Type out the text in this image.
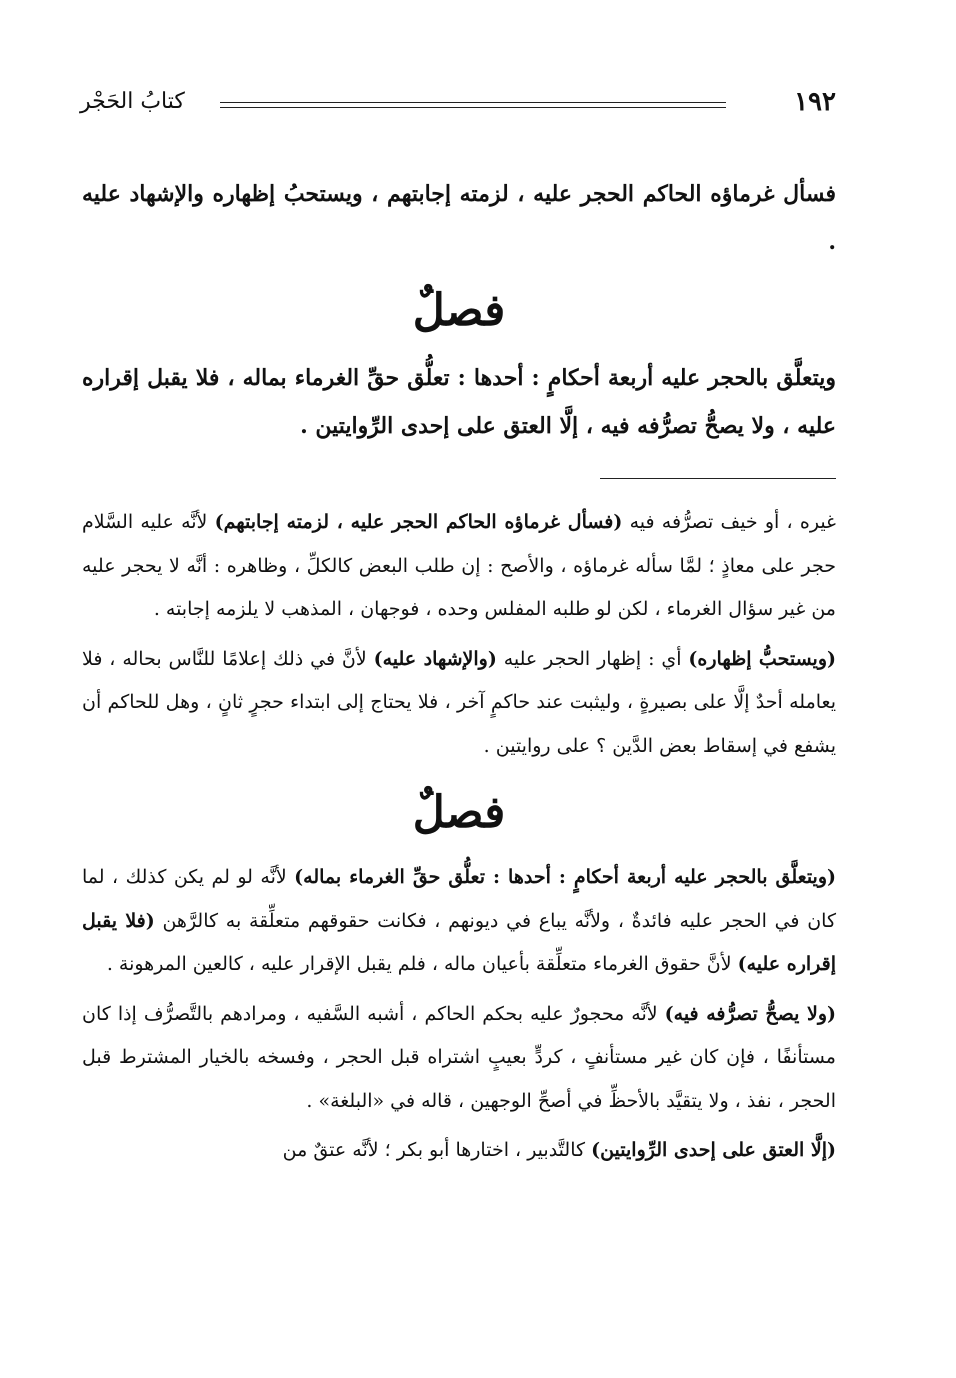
١٩٢
كتابُ الحَجْر

فسأل غرماؤه الحاكم الحجر عليه ، لزمته إجابتهم ، ويستحبُ إظهاره والإشهاد عليه .

فصلٌ

ويتعلَّق بالحجر عليه أربعة أحكامٍ : أحدها : تعلُّق حقِّ الغرماء بماله ، فلا يقبل إقراره عليه ، ولا يصحُّ تصرُّفه فيه ، إلَّا العتق على إحدى الرِّوايتين .

غيره ، أو خيف تصرُّفه فيه (فسأل غرماؤه الحاكم الحجر عليه ، لزمته إجابتهم) لأنَّه عليه السَّلام حجر على معاذٍ ؛ لمَّا سأله غرماؤه ، والأصح : إن طلب البعض كالكلِّ ، وظاهره : أنَّه لا يحجر عليه من غير سؤال الغرماء ، لكن لو طلبه المفلس وحده ، فوجهان ، المذهب لا يلزمه إجابته .

(ويستحبُّ إظهاره) أي : إظهار الحجر عليه (والإشهاد عليه) لأنَّ في ذلك إعلامًا للنَّاس بحاله ، فلا يعامله أحدٌ إلَّا على بصيرةٍ ، وليثبت عند حاكمٍ آخر ، فلا يحتاج إلى ابتداء حجرٍ ثانٍ ، وهل للحاكم أن يشفع في إسقاط بعض الدَّين ؟ على روايتين .

فصلٌ

(ويتعلَّق بالحجر عليه أربعة أحكامٍ : أحدها : تعلُّق حقِّ الغرماء بماله) لأنَّه لو لم يكن كذلك ، لما كان في الحجر عليه فائدةٌ ، ولأنَّه يباع في ديونهم ، فكانت حقوقهم متعلِّقة به كالرَّهن (فلا يقبل إقراره عليه) لأنَّ حقوق الغرماء متعلِّقة بأعيان ماله ، فلم يقبل الإقرار عليه ، كالعين المرهونة .

(ولا يصحُّ تصرُّفه فيه) لأنَّه محجورٌ عليه بحكم الحاكم ، أشبه السَّفيه ، ومرادهم بالتَّصرُّف إذا كان مستأنفًا ، فإن كان غير مستأنفٍ ، كردٍّ بعيبٍ اشتراه قبل الحجر ، وفسخه بالخيار المشترط قبل الحجر ، نفذ ، ولا يتقيَّد بالأحظِّ في أصحِّ الوجهين ، قاله في «البلغة» .

(إلَّا العتق على إحدى الرِّوايتين) كالتَّدبير ، اختارها أبو بكر ؛ لأنَّه عتقٌ من
